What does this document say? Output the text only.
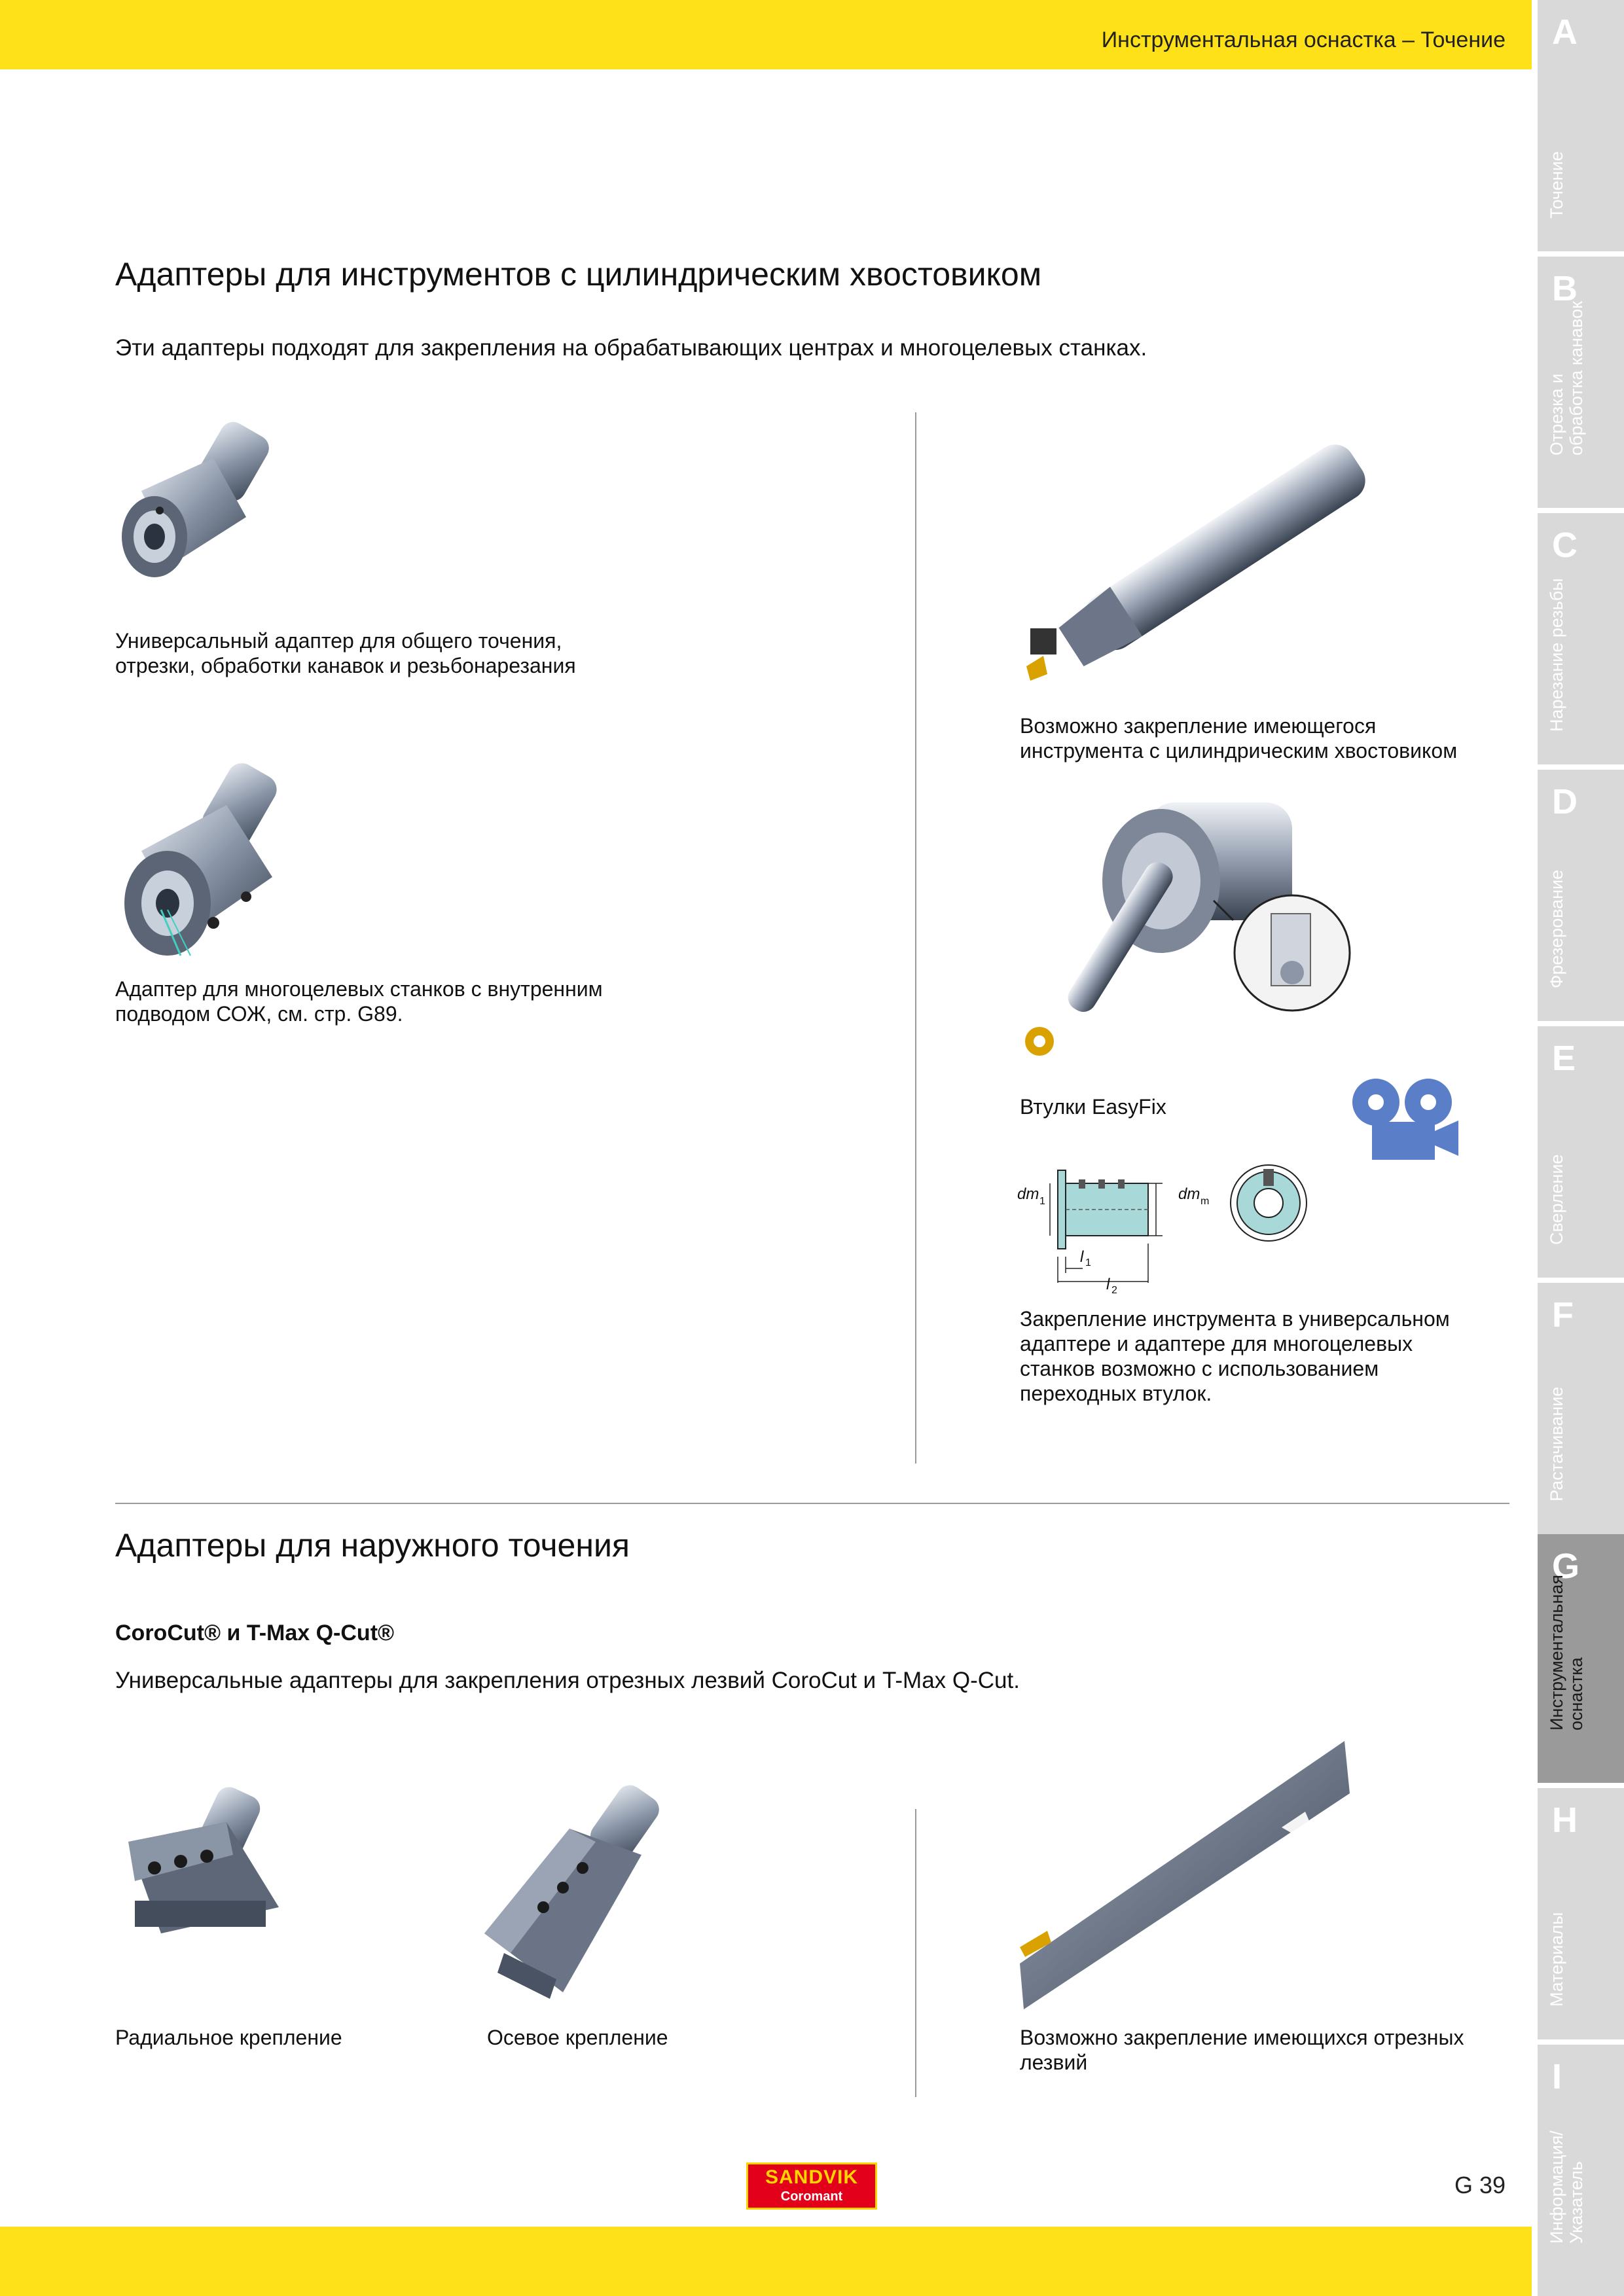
Инструментальная оснастка – Точение A
Точение
B
Отрезка и
обработка канавок
C
Нарезание резьбы
D
Фрезерование
E
Сверление
F
Растачивание
G
Инструментальная
оснастка
H
Материалы
I
Информация/
Указатель
Адаптеры для инструментов с цилиндрическим хвостовиком

Эти адаптеры подходят для закрепления на обрабатывающих центрах и многоцелевых станках.

Универсальный адаптер для общего точения,
отрезки, обработки канавок и резьбонарезания

Адаптер для многоцелевых станков с внутренним
подводом СОЖ, см. стр. G89.

Возможно закрепление имеющегося
инструмента с цилиндрическим хвостовиком

Втулки EasyFix

dm 1	dm m
l 1
l 2

Закрепление инструмента в универсальном
адаптере и адаптере для многоцелевых
станков возможно с использованием
переходных втулок.

Адаптеры для наружного точения

CoroCut® и T-Max Q-Cut®

Универсальные адаптеры для закрепления отрезных лезвий CoroCut и T-Max Q-Cut.

Радиальное крепление	Осевое крепление	Возможно закрепление имеющихся отрезных
лезвий

SANDVIK
Coromant	G 39
